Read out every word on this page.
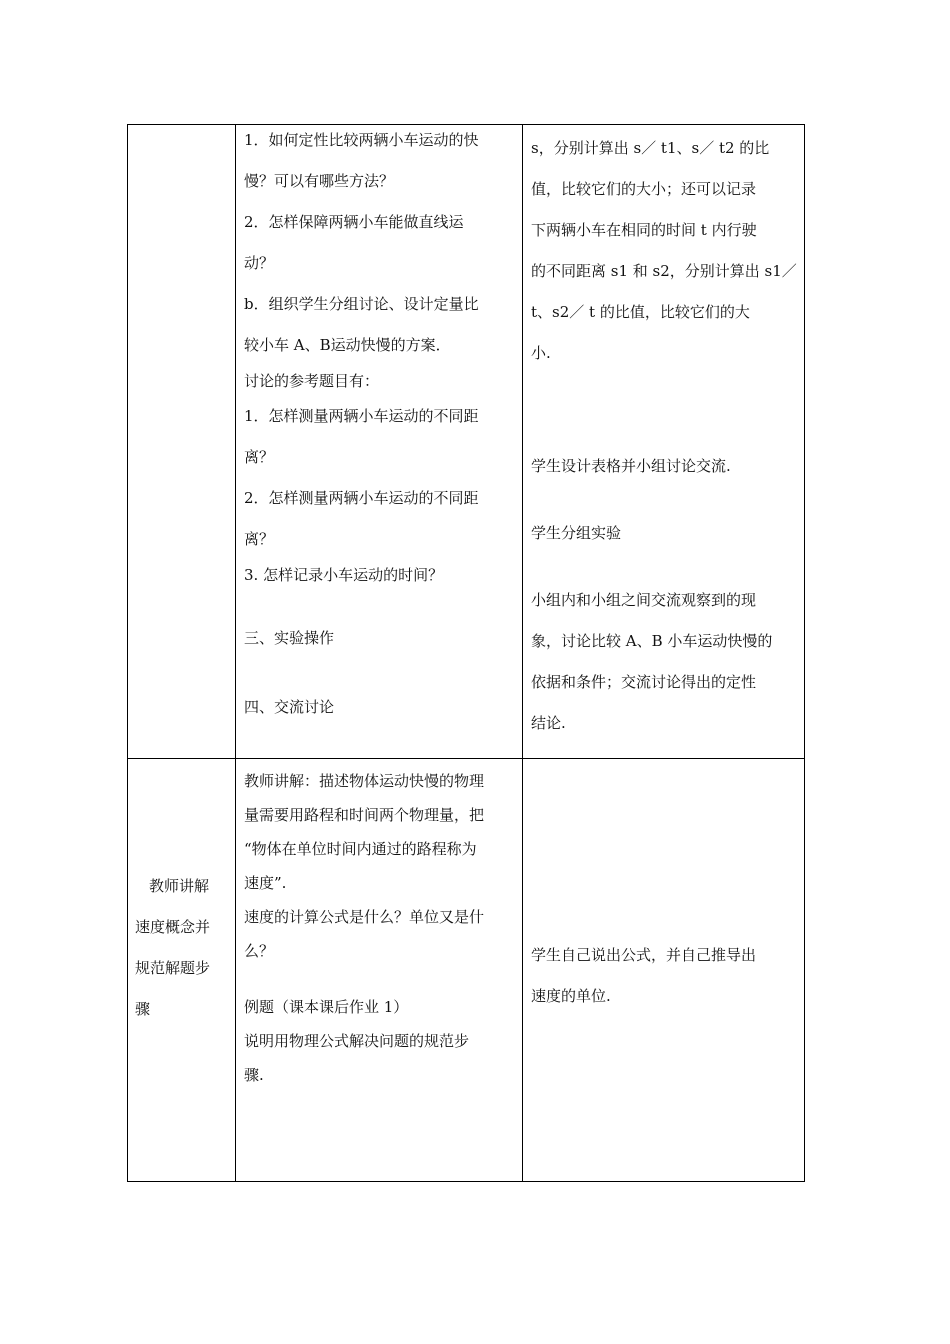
1．如何定性比较两辆小车运动的快

慢？可以有哪些方法？

2．怎样保障两辆小车能做直线运

动？

b．组织学生分组讨论、设计定量比

较小车 A、B运动快慢的方案．

讨论的参考题目有：

1．怎样测量两辆小车运动的不同距

离？

2．怎样测量两辆小车运动的不同距

离？

3. 怎样记录小车运动的时间？

三、实验操作

四、交流讨论

s，分别计算出 s／ t1、s／ t2 的比

值，比较它们的大小；还可以记录

下两辆小车在相同的时间 t 内行驶

的不同距离 s1 和 s2，分别计算出 s1／

t、s2／ t 的比值，比较它们的大

小.

学生设计表格并小组讨论交流.

学生分组实验

小组内和小组之间交流观察到的现

象，讨论比较 A、B 小车运动快慢的

依据和条件；交流讨论得出的定性

结论.

教师讲解

速度概念并

规范解题步

骤

教师讲解：描述物体运动快慢的物理

量需要用路程和时间两个物理量，把

“物体在单位时间内通过的路程称为

速度”.

速度的计算公式是什么？单位又是什

么？

例题（课本课后作业 1）

说明用物理公式解决问题的规范步

骤.

学生自己说出公式，并自己推导出

速度的单位.
